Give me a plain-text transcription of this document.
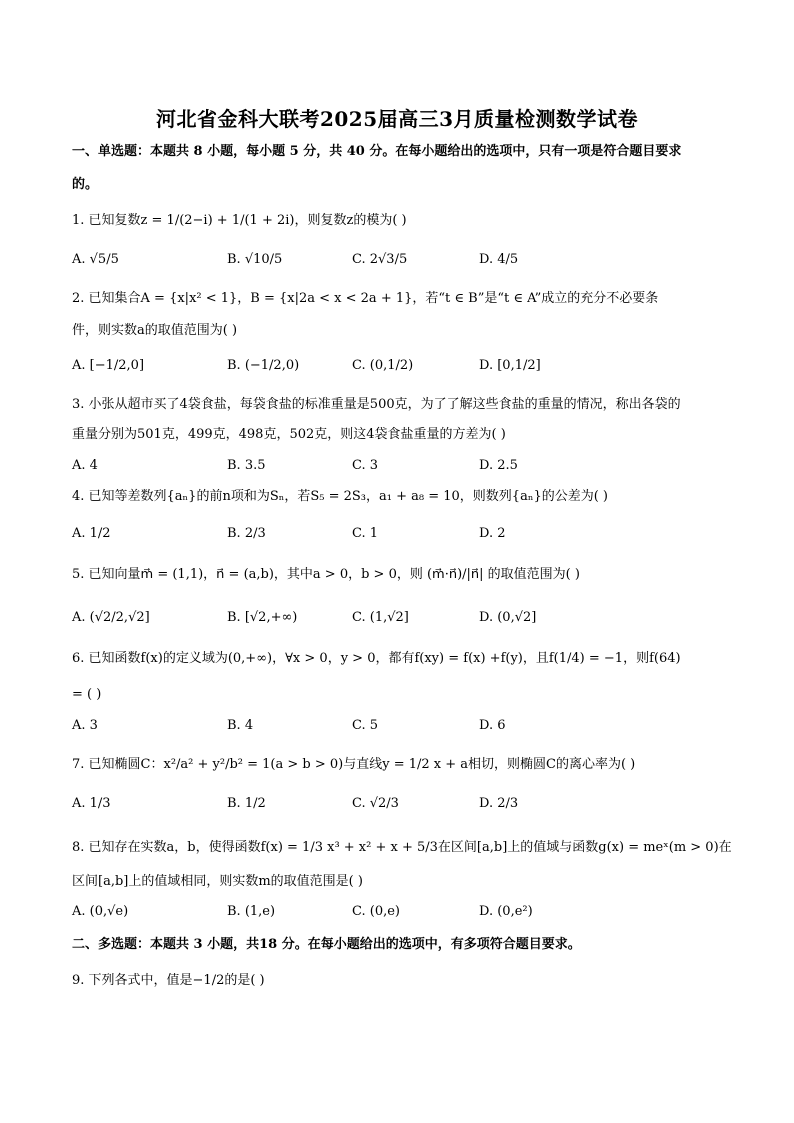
河北省金科大联考2025届高三3月质量检测数学试卷
一、单选题：本题共 8 小题，每小题 5 分，共 40 分。在每小题给出的选项中，只有一项是符合题目要求
的。
1. 已知复数z = 1/(2−i) + 1/(1 + 2i)，则复数z的模为( )
A. √5/5	B. √10/5	C. 2√3/5	D. 4/5
2. 已知集合A = {x|x² < 1}，B = {x|2a < x < 2a + 1}，若“t ∈ B”是“t ∈ A”成立的充分不必要条
件，则实数a的取值范围为( )
A. [−1/2,0]	B. (−1/2,0)	C. (0,1/2)	D. [0,1/2]
3. 小张从超市买了4袋食盐，每袋食盐的标准重量是500克，为了了解这些食盐的重量的情况，称出各袋的
重量分别为501克，499克，498克，502克，则这4袋食盐重量的方差为( )
A. 4	B. 3.5	C. 3	D. 2.5
4. 已知等差数列{aₙ}的前n项和为Sₙ，若S₅ = 2S₃，a₁ + a₈ = 10，则数列{aₙ}的公差为( )
A. 1/2	B. 2/3	C. 1	D. 2
5. 已知向量m⃗ = (1,1)，n⃗ = (a,b)，其中a > 0，b > 0，则 (m⃗·n⃗)/|n⃗| 的取值范围为( )
A. (√2/2,√2]	B. [√2,+∞)	C. (1,√2]	D. (0,√2]
6. 已知函数f(x)的定义域为(0,+∞)，∀x > 0，y > 0，都有f(xy) = f(x) +f(y)，且f(1/4) = −1，则f(64)
= ( )
A. 3	B. 4	C. 5	D. 6
7. 已知椭圆C：x²/a² + y²/b² = 1(a > b > 0)与直线y = 1/2 x + a相切，则椭圆C的离心率为( )
A. 1/3	B. 1/2	C. √2/3	D. 2/3
8. 已知存在实数a，b，使得函数f(x) = 1/3 x³ + x² + x + 5/3在区间[a,b]上的值域与函数g(x) = meˣ(m > 0)在
区间[a,b]上的值域相同，则实数m的取值范围是( )
A. (0,√e)	B. (1,e)	C. (0,e)	D. (0,e²)
二、多选题：本题共 3 小题，共18 分。在每小题给出的选项中，有多项符合题目要求。
9. 下列各式中，值是−1/2的是( )
